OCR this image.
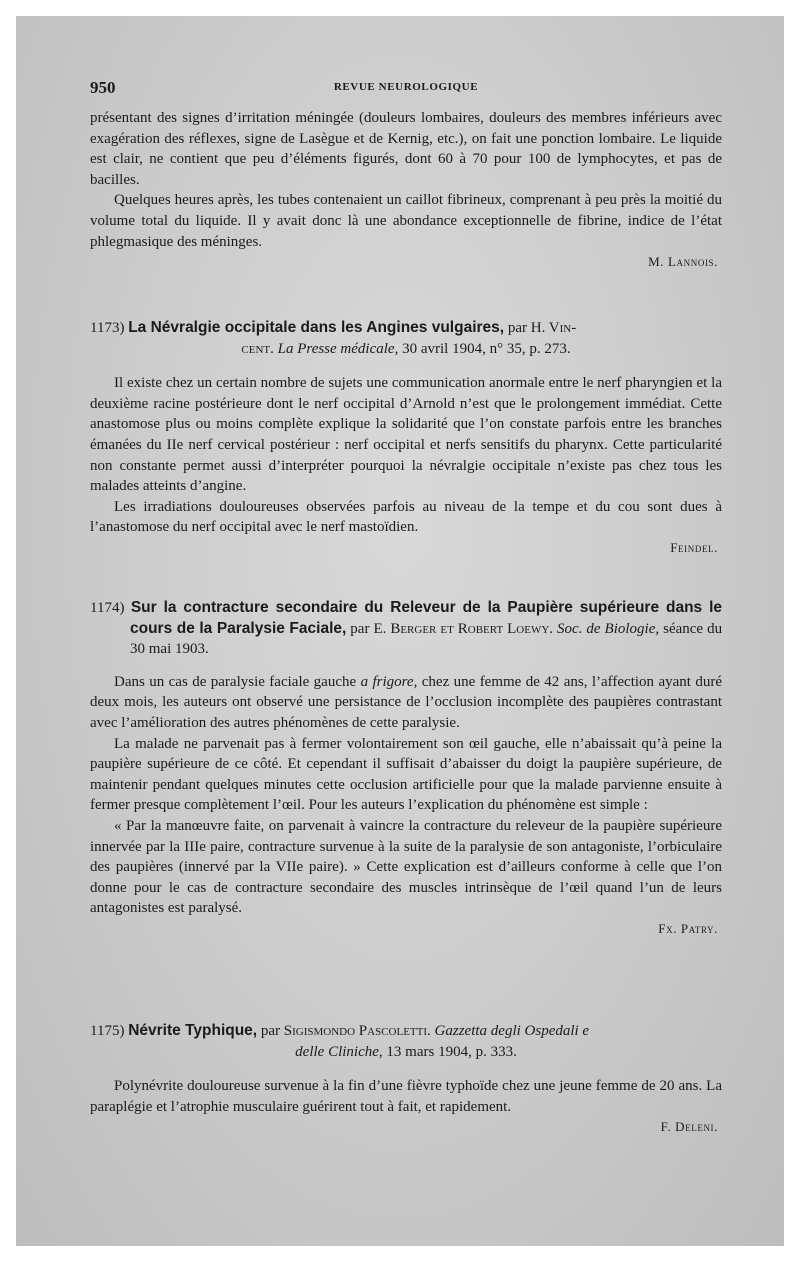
950	REVUE NEUROLOGIQUE

présentant des signes d’irritation méningée (douleurs lombaires, douleurs des membres inférieurs avec exagération des réflexes, signe de Lasègue et de Kernig, etc.), on fait une ponction lombaire. Le liquide est clair, ne contient que peu d’éléments figurés, dont 60 à 70 pour 100 de lymphocytes, et pas de bacilles.

Quelques heures après, les tubes contenaient un caillot fibrineux, comprenant à peu près la moitié du volume total du liquide. Il y avait donc là une abondance exceptionnelle de fibrine, indice de l’état phlegmasique des méninges.

M. Lannois.

1173) La Névralgie occipitale dans les Angines vulgaires, par H. Vin-

cent. La Presse médicale, 30 avril 1904, n° 35, p. 273.

Il existe chez un certain nombre de sujets une communication anormale entre le nerf pharyngien et la deuxième racine postérieure dont le nerf occipital d’Arnold n’est que le prolongement immédiat. Cette anastomose plus ou moins complète explique la solidarité que l’on constate parfois entre les branches émanées du IIe nerf cervical postérieur : nerf occipital et nerfs sensitifs du pharynx. Cette particularité non constante permet aussi d’interpréter pourquoi la névralgie occipitale n’existe pas chez tous les malades atteints d’angine.

Les irradiations douloureuses observées parfois au niveau de la tempe et du cou sont dues à l’anastomose du nerf occipital avec le nerf mastoïdien.

Feindel.

1174) Sur la contracture secondaire du Releveur de la Paupière supérieure dans le cours de la Paralysie Faciale, par E. Berger et Robert Loewy. Soc. de Biologie, séance du 30 mai 1903.

Dans un cas de paralysie faciale gauche a frigore, chez une femme de 42 ans, l’affection ayant duré deux mois, les auteurs ont observé une persistance de l’occlusion incomplète des paupières contrastant avec l’amélioration des autres phénomènes de cette paralysie.

La malade ne parvenait pas à fermer volontairement son œil gauche, elle n’abaissait qu’à peine la paupière supérieure de ce côté. Et cependant il suffisait d’abaisser du doigt la paupière supérieure, de maintenir pendant quelques minutes cette occlusion artificielle pour que la malade parvienne ensuite à fermer presque complètement l’œil. Pour les auteurs l’explication du phénomène est simple :

« Par la manœuvre faite, on parvenait à vaincre la contracture du releveur de la paupière supérieure innervée par la IIIe paire, contracture survenue à la suite de la paralysie de son antagoniste, l’orbiculaire des paupières (innervé par la VIIe paire). » Cette explication est d’ailleurs conforme à celle que l’on donne pour le cas de contracture secondaire des muscles intrinsèque de l’œil quand l’un de leurs antagonistes est paralysé.

Fx. Patry.

1175) Névrite Typhique, par Sigismondo Pascoletti. Gazzetta degli Ospedali e

delle Cliniche, 13 mars 1904, p. 333.

Polynévrite douloureuse survenue à la fin d’une fièvre typhoïde chez une jeune femme de 20 ans. La paraplégie et l’atrophie musculaire guérirent tout à fait, et rapidement.

F. Deleni.
